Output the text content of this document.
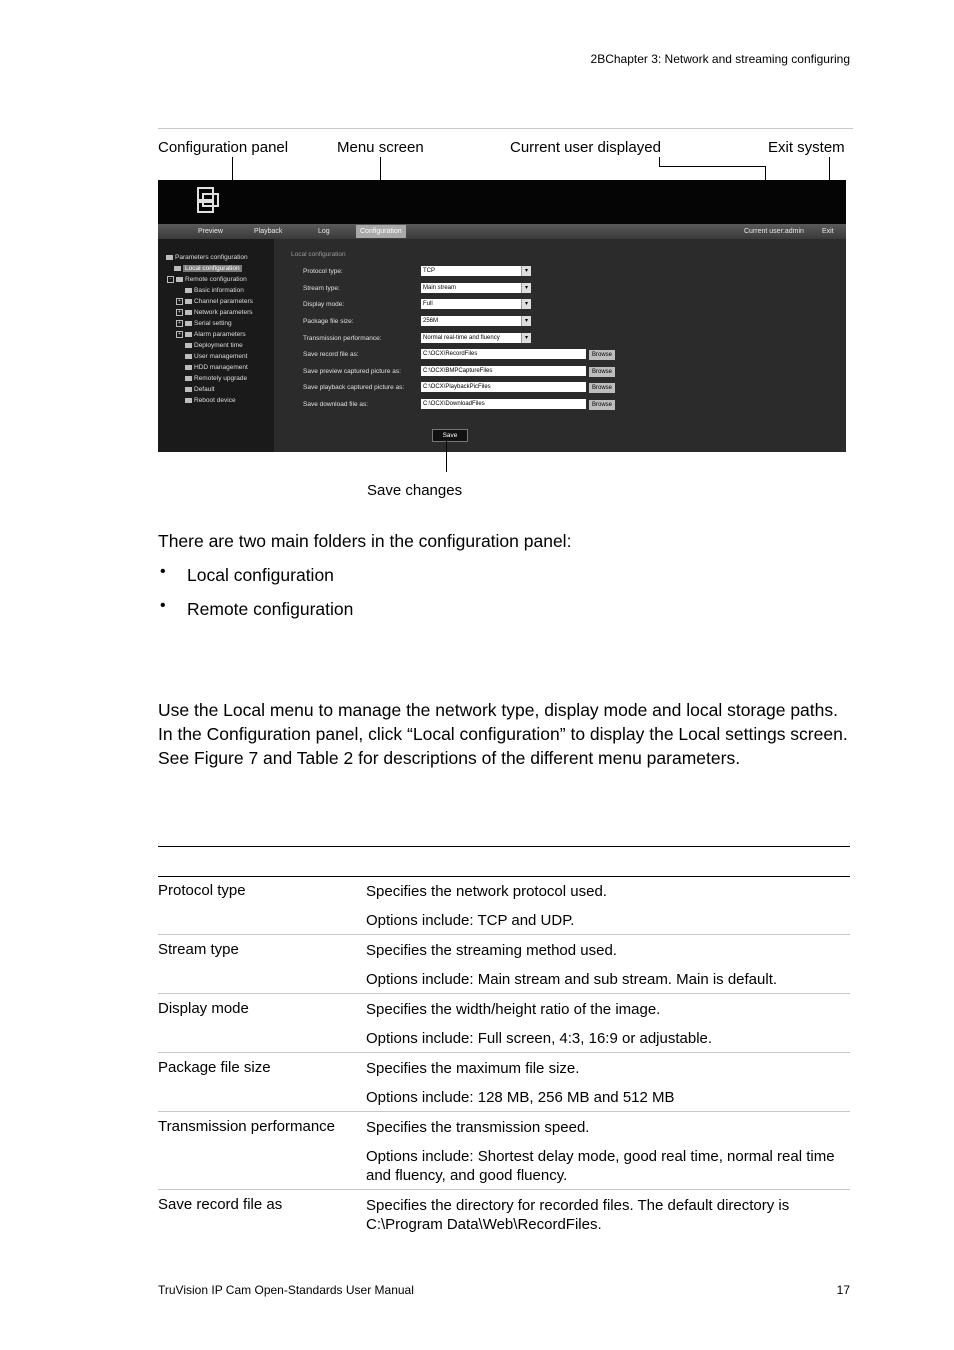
2BChapter 3: Network and streaming configuring
Configuration panel	Menu screen	Current user displayed	Exit system
Preview	Playback	Log	Configuration	Current user:admin	Exit
Parameters configuration
Local configuration
- Remote configuration
Basic information
+ Channel parameters
+ Network parameters
+ Serial setting
+ Alarm parameters
Deployment time
User management
HDD management
Remotely upgrade
Default
Reboot device
Local configuration
Protocol type:	TCP	▾
Stream type:	Main stream	▾
Display mode:	Full	▾
Package file size:	256M	▾
Transmission performance:	Normal real-time and fluency	▾
Save record file as:	C:\OCX\RecordFiles	Browse
Save preview captured picture as:	C:\OCX\BMPCaptureFiles	Browse
Save playback captured picture as:	C:\OCX\PlaybackPicFiles	Browse
Save download file as:	C:\OCX\DownloadFiles	Browse
Save
Save changes
There are two main folders in the configuration panel:
• Local configuration
• Remote configuration
Use the Local menu to manage the network type, display mode and local storage paths. In the Configuration panel, click “Local configuration” to display the Local settings screen. See Figure 7 and Table 2 for descriptions of the different menu parameters.
Protocol type	Specifies the network protocol used.
Options include: TCP and UDP.

Stream type	Specifies the streaming method used.
Options include: Main stream and sub stream. Main is default.

Display mode	Specifies the width/height ratio of the image.
Options include: Full screen, 4:3, 16:9 or adjustable.

Package file size	Specifies the maximum file size.
Options include: 128 MB, 256 MB and 512 MB

Transmission performance	Specifies the transmission speed.
Options include: Shortest delay mode, good real time, normal real time and fluency, and good fluency.

Save record file as	Specifies the directory for recorded files. The default directory is C:\Program Data\Web\RecordFiles.
TruVision IP Cam Open-Standards User Manual	17
